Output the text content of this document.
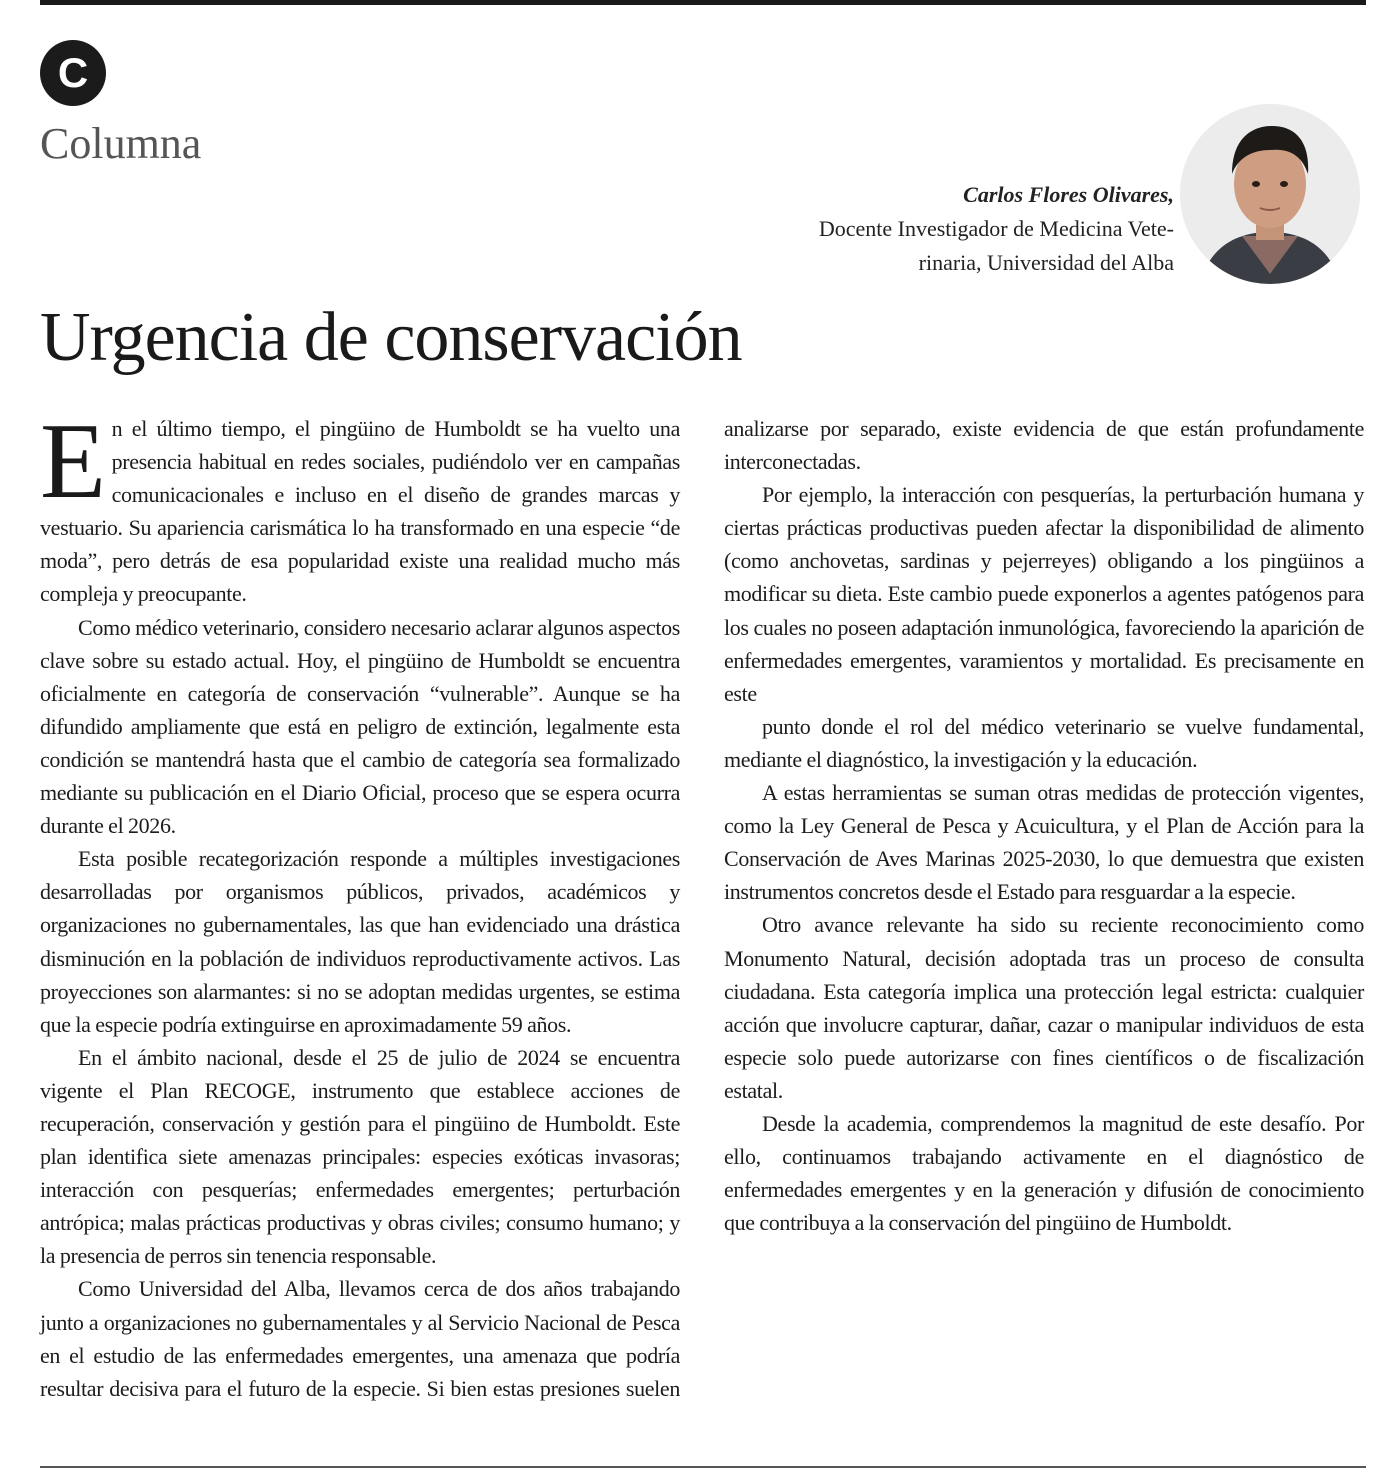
C
Columna
Carlos Flores Olivares,
Docente Investigador de Medicina Vete-
rinaria, Universidad del Alba
Urgencia de conservación

En el último tiempo, el pingüino de Humboldt se ha vuelto una presencia habitual en redes sociales, pudiéndolo ver en campañas comunicacionales e incluso en el diseño de grandes marcas y vestuario. Su apariencia carismática lo ha transformado en una especie “de moda”, pero detrás de esa popularidad existe una realidad mucho más compleja y preocupante.

Como médico veterinario, considero necesario aclarar algunos aspectos clave sobre su estado actual. Hoy, el pingüino de Humboldt se encuentra oficialmente en categoría de conservación “vulnerable”. Aunque se ha difundido ampliamente que está en peligro de extinción, legalmente esta condición se mantendrá hasta que el cambio de categoría sea formalizado mediante su publicación en el Diario Oficial, proceso que se espera ocurra durante el 2026.

Esta posible recategorización responde a múltiples investigaciones desarrolladas por organismos públicos, privados, académicos y organizaciones no gubernamentales, las que han evidenciado una drástica disminución en la población de individuos reproductivamente activos. Las proyecciones son alarmantes: si no se adoptan medidas urgentes, se estima que la especie podría extinguirse en aproximadamente 59 años.

En el ámbito nacional, desde el 25 de julio de 2024 se encuentra vigente el Plan RECOGE, instrumento que establece acciones de recuperación, conservación y gestión para el pingüino de Humboldt. Este plan identifica siete amenazas principales: especies exóticas invasoras; interacción con pesquerías; enfermedades emergentes; perturbación antrópica; malas prácticas productivas y obras civiles; consumo humano; y la presencia de perros sin tenencia responsable.

Como Universidad del Alba, llevamos cerca de dos años trabajando junto a organizaciones no gubernamentales y al Servicio Nacional de Pesca en el estudio de las enfermedades emergentes, una amenaza que podría resultar decisiva para el futuro de la especie. Si bien estas presiones suelen analizarse por separado, existe evidencia de que están profundamente interconectadas.

Por ejemplo, la interacción con pesquerías, la perturbación humana y ciertas prácticas productivas pueden afectar la disponibilidad de alimento (como anchovetas, sardinas y pejerreyes) obligando a los pingüinos a modificar su dieta. Este cambio puede exponerlos a agentes patógenos para los cuales no poseen adaptación inmunológica, favoreciendo la aparición de enfermedades emergentes, varamientos y mortalidad. Es precisamente en este

punto donde el rol del médico veterinario se vuelve fundamental, mediante el diagnóstico, la investigación y la educación.

A estas herramientas se suman otras medidas de protección vigentes, como la Ley General de Pesca y Acuicultura, y el Plan de Acción para la Conservación de Aves Marinas 2025-2030, lo que demuestra que existen instrumentos concretos desde el Estado para resguardar a la especie.

Otro avance relevante ha sido su reciente reconocimiento como Monumento Natural, decisión adoptada tras un proceso de consulta ciudadana. Esta categoría implica una protección legal estricta: cualquier acción que involucre capturar, dañar, cazar o manipular individuos de esta especie solo puede autorizarse con fines científicos o de fiscalización estatal.

Desde la academia, comprendemos la magnitud de este desafío. Por ello, continuamos trabajando activamente en el diagnóstico de enfermedades emergentes y en la generación y difusión de conocimiento que contribuya a la conservación del pingüino de Humboldt.
